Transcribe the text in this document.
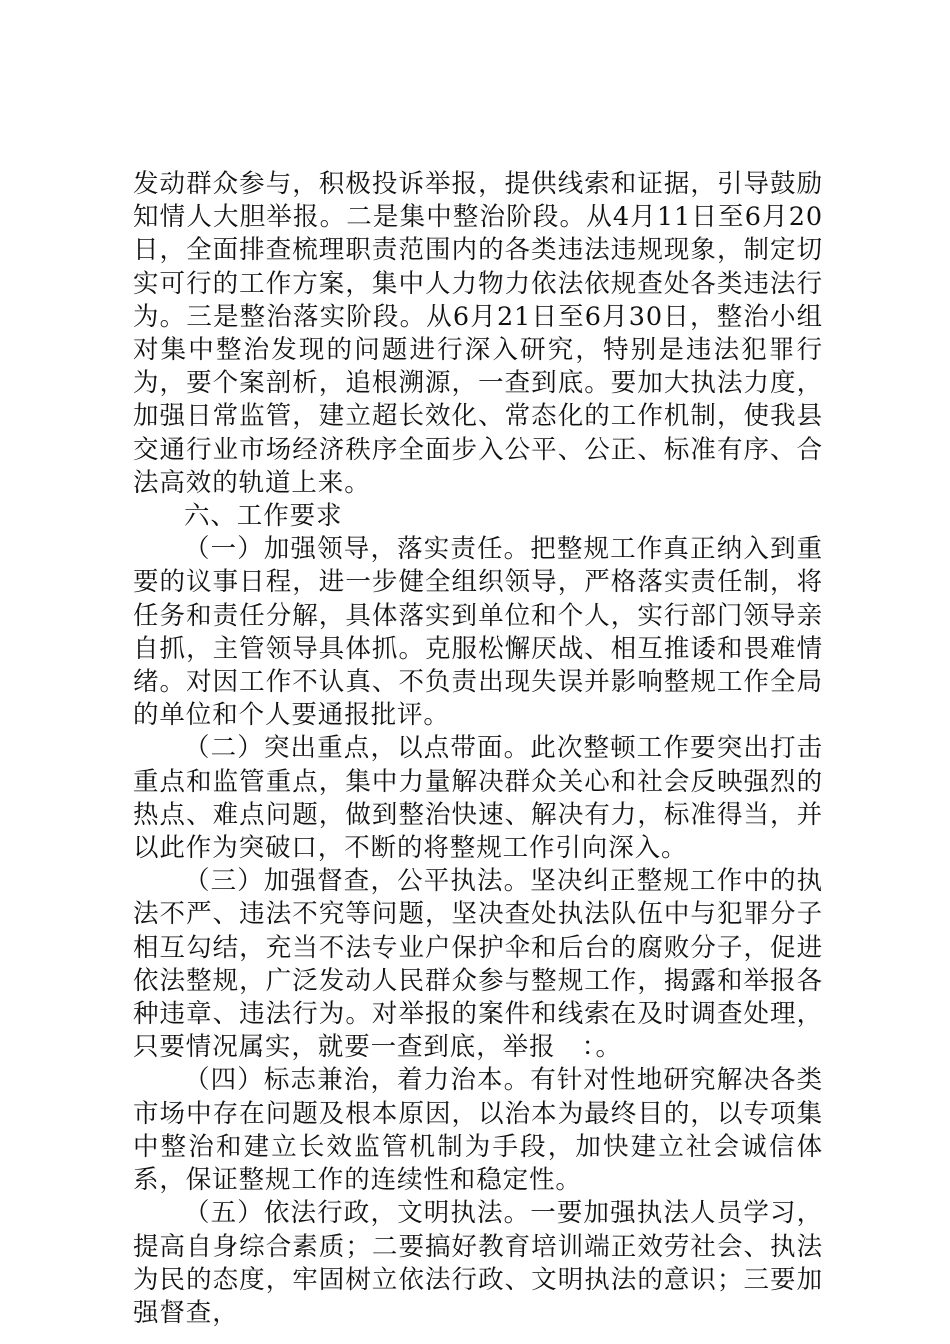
发动群众参与，积极投诉举报，提供线索和证据，引导鼓励知情人大胆举报。二是集中整治阶段。从4月11日至6月20日，全面排查梳理职责范围内的各类违法违规现象，制定切实可行的工作方案，集中人力物力依法依规查处各类违法行为。三是整治落实阶段。从6月21日至6月30日，整治小组对集中整治发现的问题进行深入研究，特别是违法犯罪行为，要个案剖析，追根溯源，一查到底。要加大执法力度，加强日常监管，建立超长效化、常态化的工作机制，使我县交通行业市场经济秩序全面步入公平、公正、标准有序、合法高效的轨道上来。

六、工作要求

（一）加强领导，落实责任。把整规工作真正纳入到重要的议事日程，进一步健全组织领导，严格落实责任制，将任务和责任分解，具体落实到单位和个人，实行部门领导亲自抓，主管领导具体抓。克服松懈厌战、相互推诿和畏难情绪。对因工作不认真、不负责出现失误并影响整规工作全局的单位和个人要通报批评。

（二）突出重点，以点带面。此次整顿工作要突出打击重点和监管重点，集中力量解决群众关心和社会反映强烈的热点、难点问题，做到整治快速、解决有力，标准得当，并以此作为突破口，不断的将整规工作引向深入。

（三）加强督查，公平执法。坚决纠正整规工作中的执法不严、违法不究等问题，坚决查处执法队伍中与犯罪分子相互勾结，充当不法专业户保护伞和后台的腐败分子，促进依法整规，广泛发动人民群众参与整规工作，揭露和举报各种违章、违法行为。对举报的案件和线索在及时调查处理，只要情况属实，就要一查到底，举报　：。

（四）标志兼治，着力治本。有针对性地研究解决各类市场中存在问题及根本原因，以治本为最终目的，以专项集中整治和建立长效监管机制为手段，加快建立社会诚信体系，保证整规工作的连续性和稳定性。

（五）依法行政，文明执法。一要加强执法人员学习，提高自身综合素质；二要搞好教育培训端正效劳社会、执法为民的态度，牢固树立依法行政、文明执法的意识；三要加强督查，
